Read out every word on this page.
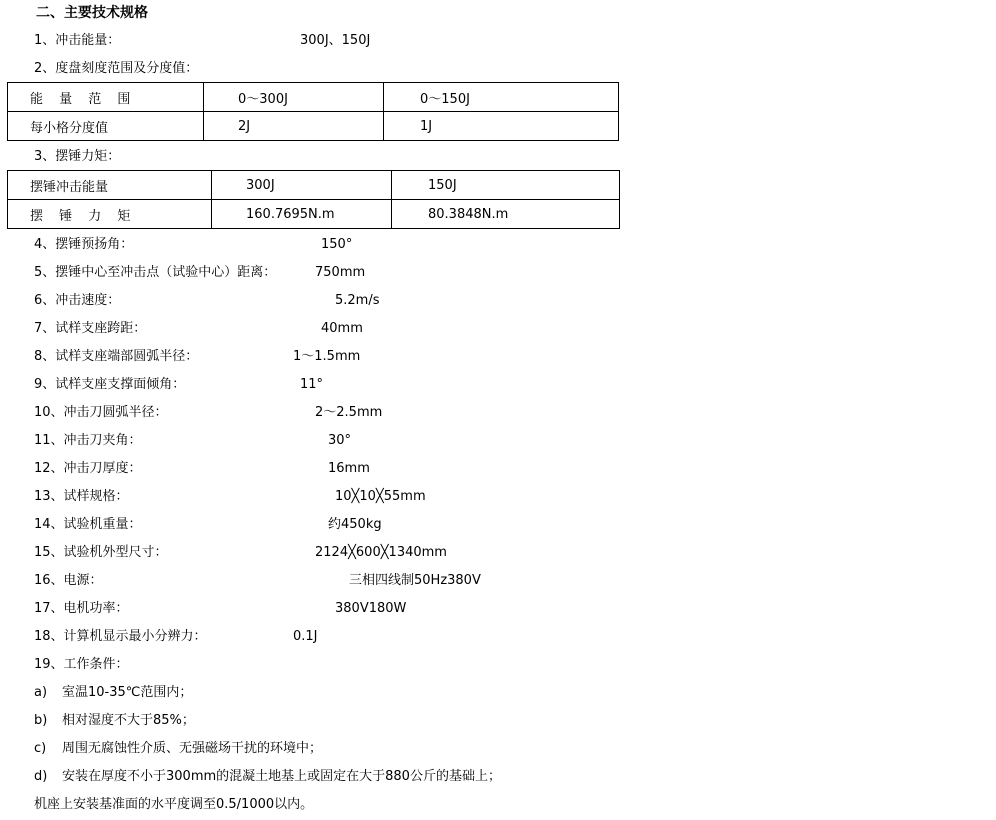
二、主要技术规格
1、冲击能量：	300J、150J
2、度盘刻度范围及分度值：
能 量 范 围	0～300J	0～150J
每小格分度值	2J	1J
3、摆锤力矩：
摆锤冲击能量	300J	150J
摆 锤 力 矩	160.7695N.m	80.3848N.m
4、摆锤预扬角：	150°
5、摆锤中心至冲击点（试验中心）距离：	750mm
6、冲击速度：	5.2m/s
7、试样支座跨距：	40mm
8、试样支座端部圆弧半径：	1～1.5mm
9、试样支座支撑面倾角：	11°
10、冲击刀圆弧半径：	2～2.5mm
11、冲击刀夹角：	30°
12、冲击刀厚度：	16mm
13、试样规格：	10╳10╳55mm
14、试验机重量：	约450kg
15、试验机外型尺寸：	2124╳600╳1340mm
16、电源：	三相四线制50Hz380V
17、电机功率：	380V180W
18、计算机显示最小分辨力：	0.1J
19、工作条件：
a) 室温10-35℃范围内；
b) 相对湿度不大于85%；
c) 周围无腐蚀性介质、无强磁场干扰的环境中；
d) 安装在厚度不小于300mm的混凝土地基上或固定在大于880公斤的基础上；
机座上安装基准面的水平度调至0.5/1000以内。
